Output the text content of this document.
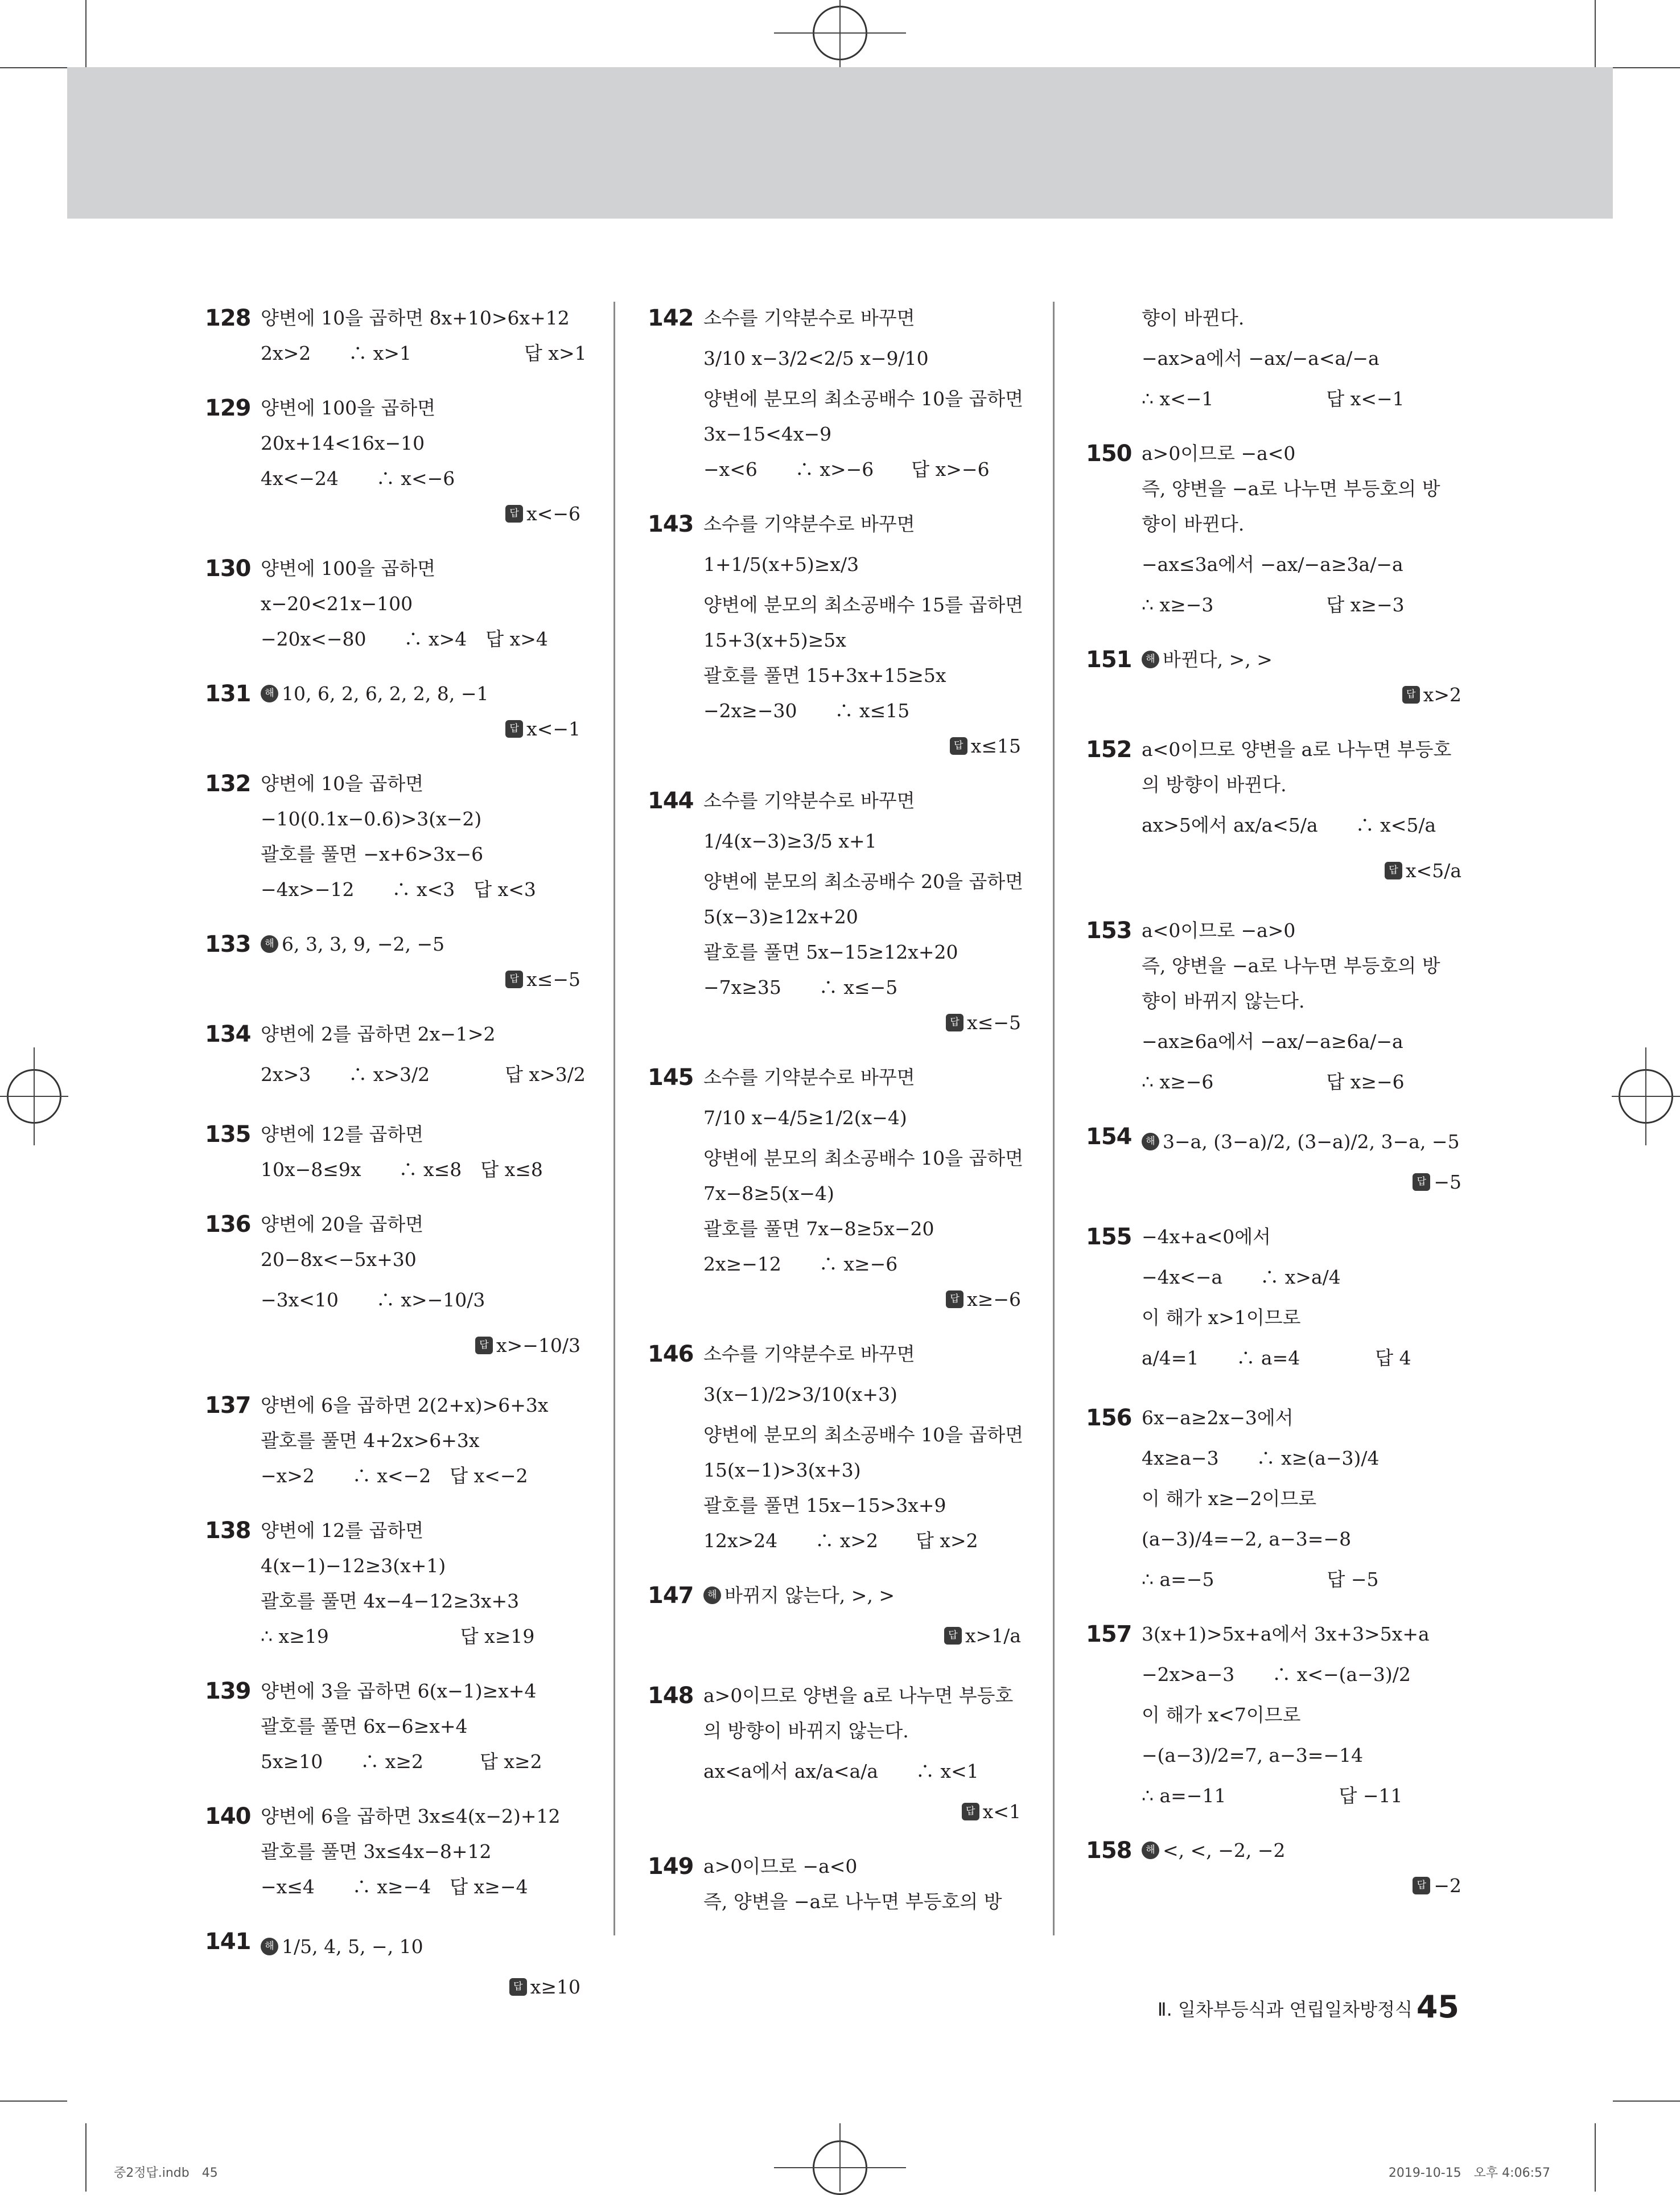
128 양변에 10을 곱하면 8x+10>6x+12
2x>2　　∴ x>1　　　　　　답 x>1
129 양변에 100을 곱하면
20x+14<16x−10
4x<−24　　∴ x<−6
답 x<−6
130 양변에 100을 곱하면
x−20<21x−100
−20x<−80　　∴ x>4　답 x>4
131	해 10, 6, 2, 6, 2, 2, 8, −1
답 x<−1
132 양변에 10을 곱하면
−10(0.1x−0.6)>3(x−2)
괄호를 풀면 −x+6>3x−6
−4x>−12　　∴ x<3　답 x<3
133	해 6, 3, 3, 9, −2, −5
답 x≤−5
134 양변에 2를 곱하면 2x−1>2
2x>3　　∴ x>3/2　　　　답 x>3/2
135 양변에 12를 곱하면
10x−8≤9x　　∴ x≤8　답 x≤8
136 양변에 20을 곱하면
20−8x<−5x+30
−3x<10　　∴ x>−10/3
답 x>−10/3
137 양변에 6을 곱하면 2(2+x)>6+3x
괄호를 풀면 4+2x>6+3x
−x>2　　∴ x<−2　답 x<−2
138 양변에 12를 곱하면
4(x−1)−12≥3(x+1)
괄호를 풀면 4x−4−12≥3x+3
∴ x≥19　　　　　　　답 x≥19
139 양변에 3을 곱하면 6(x−1)≥x+4
괄호를 풀면 6x−6≥x+4
5x≥10　　∴ x≥2　　　답 x≥2
140 양변에 6을 곱하면 3x≤4(x−2)+12
괄호를 풀면 3x≤4x−8+12
−x≤4　　∴ x≥−4　답 x≥−4
141	해 1/5, 4, 5, −, 10
답 x≥10
142 소수를 기약분수로 바꾸면
3/10 x−3/2<2/5 x−9/10
양변에 분모의 최소공배수 10을 곱하면
3x−15<4x−9
−x<6　　∴ x>−6　　답 x>−6
143 소수를 기약분수로 바꾸면
1+1/5(x+5)≥x/3
양변에 분모의 최소공배수 15를 곱하면
15+3(x+5)≥5x
괄호를 풀면 15+3x+15≥5x
−2x≥−30　　∴ x≤15
답 x≤15
144 소수를 기약분수로 바꾸면
1/4(x−3)≥3/5 x+1
양변에 분모의 최소공배수 20을 곱하면
5(x−3)≥12x+20
괄호를 풀면 5x−15≥12x+20
−7x≥35　　∴ x≤−5
답 x≤−5
145 소수를 기약분수로 바꾸면
7/10 x−4/5≥1/2(x−4)
양변에 분모의 최소공배수 10을 곱하면
7x−8≥5(x−4)
괄호를 풀면 7x−8≥5x−20
2x≥−12　　∴ x≥−6
답 x≥−6
146 소수를 기약분수로 바꾸면
3(x−1)/2>3/10(x+3)
양변에 분모의 최소공배수 10을 곱하면
15(x−1)>3(x+3)
괄호를 풀면 15x−15>3x+9
12x>24　　∴ x>2　　답 x>2
147	해 바뀌지 않는다, >, >
답 x>1/a
148 a>0이므로 양변을 a로 나누면 부등호
의 방향이 바뀌지 않는다.
ax<a에서 ax/a<a/a　　∴ x<1
답 x<1
149 a>0이므로 −a<0
즉, 양변을 −a로 나누면 부등호의 방
향이 바뀐다.
−ax>a에서 −ax/−a<a/−a
∴ x<−1　　　　　　답 x<−1
150 a>0이므로 −a<0
즉, 양변을 −a로 나누면 부등호의 방
향이 바뀐다.
−ax≤3a에서 −ax/−a≥3a/−a
∴ x≥−3　　　　　　답 x≥−3
151	해 바뀐다, >, >
답 x>2
152 a<0이므로 양변을 a로 나누면 부등호
의 방향이 바뀐다.
ax>5에서 ax/a<5/a　　∴ x<5/a
답 x<5/a
153 a<0이므로 −a>0
즉, 양변을 −a로 나누면 부등호의 방
향이 바뀌지 않는다.
−ax≥6a에서 −ax/−a≥6a/−a
∴ x≥−6　　　　　　답 x≥−6
154	해 3−a, (3−a)/2, (3−a)/2, 3−a, −5
답 −5
155 −4x+a<0에서
−4x<−a　　∴ x>a/4
이 해가 x>1이므로
a/4=1　　∴ a=4　　　　답 4
156 6x−a≥2x−3에서
4x≥a−3　　∴ x≥(a−3)/4
이 해가 x≥−2이므로
(a−3)/4=−2, a−3=−8
∴ a=−5　　　　　　답 −5
157 3(x+1)>5x+a에서 3x+3>5x+a
−2x>a−3　　∴ x<−(a−3)/2
이 해가 x<7이므로
−(a−3)/2=7, a−3=−14
∴ a=−11　　　　　　답 −11
158	해 <, <, −2, −2
답 −2
Ⅱ. 일차부등식과 연립일차방정식 45
중2정답.indb　45	2019-10-15　오후 4:06:57
